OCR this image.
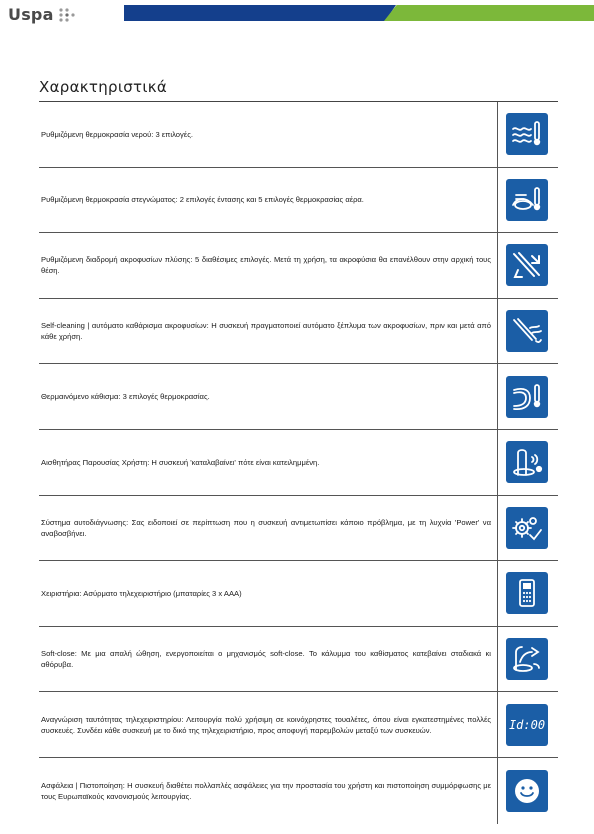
Uspa
Χαρακτηριστικά
Ρυθμιζόμενη θερμοκρασία νερού: 3 επιλογές.
Ρυθμιζόμενη θερμοκρασία στεγνώματος: 2 επιλογές έντασης και 5 επιλογές θερμοκρασίας αέρα.
Ρυθμιζόμενη διαδρομή ακροφυσίων πλύσης: 5 διαθέσιμες επιλογές. Μετά τη χρήση, τα ακροφύσια θα επανέλθουν στην αρχική τους θέση.
Self-cleaning | αυτόματο καθάρισμα ακροφυσίων: Η συσκευή πραγματοποιεί αυτόματο ξέπλυμα των ακροφυσίων, πριν και μετά από κάθε χρήση.
Θερμαινόμενο κάθισμα: 3 επιλογές θερμοκρασίας.
Αισθητήρας Παρουσίας Χρήστη: Η συσκευή 'καταλαβαίνει' πότε είναι κατειλημμένη.
Σύστημα αυτοδιάγνωσης: Σας ειδοποιεί σε περίπτωση που η συσκευή αντιμετωπίσει κάποιο πρόβλημα, με τη λυχνία 'Power' να αναβοσβήνει.
Χειριστήρια: Ασύρματο τηλεχειριστήριο (μπαταρίες 3 x AAA)
Soft-close: Με μια απαλή ώθηση, ενεργοποιείται ο μηχανισμός soft-close. Το κάλυμμα του καθίσματος κατεβαίνει σταδιακά κι αθόρυβα.
Αναγνώριση ταυτότητας τηλεχειριστηρίου: Λειτουργία πολύ χρήσιμη σε κοινόχρηστες τουαλέτες, όπου είναι εγκατεστημένες πολλές συσκευές. Συνδέει κάθε συσκευή με το δικό της τηλεχειριστήριο, προς αποφυγή παρεμβολών μεταξύ των συσκευών.	Id:00
Ασφάλεια | Πιστοποίηση: Η συσκευή διαθέτει πολλαπλές ασφάλειες για την προστασία του χρήστη και πιστοποίηση συμμόρφωσης με τους Ευρωπαϊκούς κανονισμούς λειτουργίας.
